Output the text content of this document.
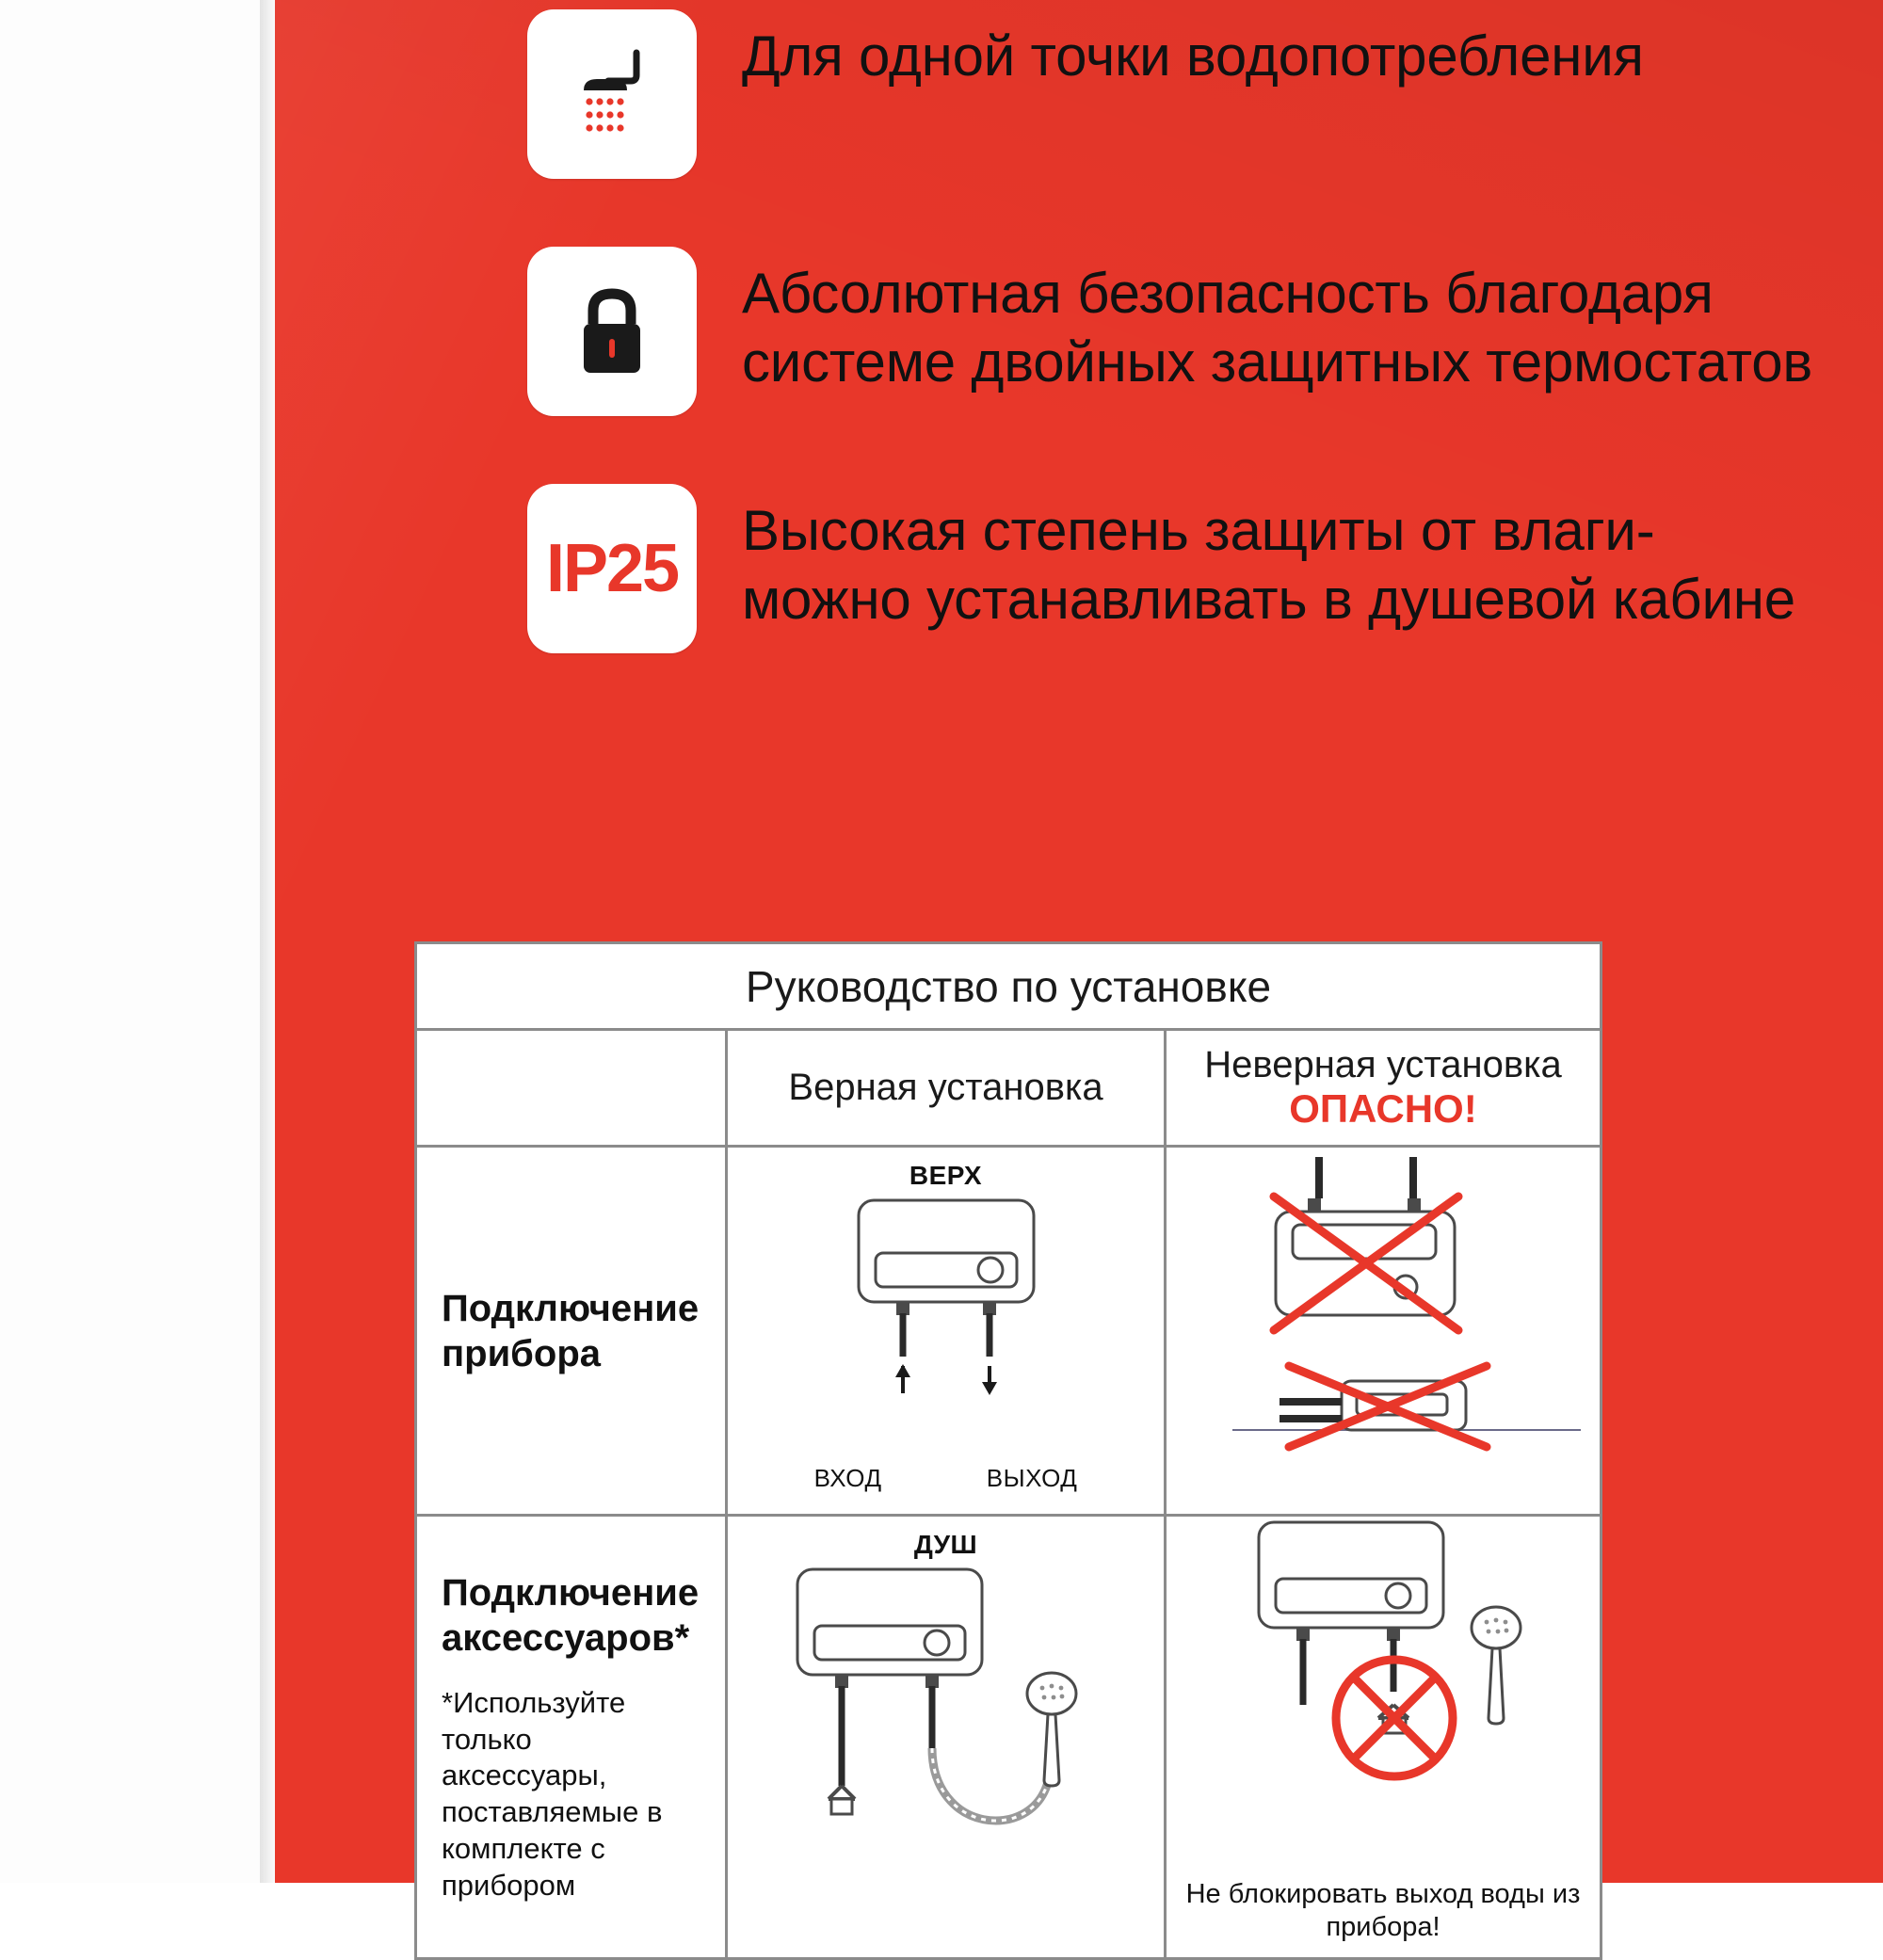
Для одной точки водопотребления
Абсолютная безопасность благодаря системе двойных защитных термостатов
IP25
Высокая степень защиты от влаги- можно устанавливать в душевой кабине
Руководство по установке
Верная установка
Неверная установка
ОПАСНО!
Подключение прибора
ВЕРХ
ВХОД	ВЫХОД
Подключение аксессуаров*
*Используйте только аксессуары, поставляемые в комплекте с прибором
ДУШ
Не блокировать выход воды из прибора!
